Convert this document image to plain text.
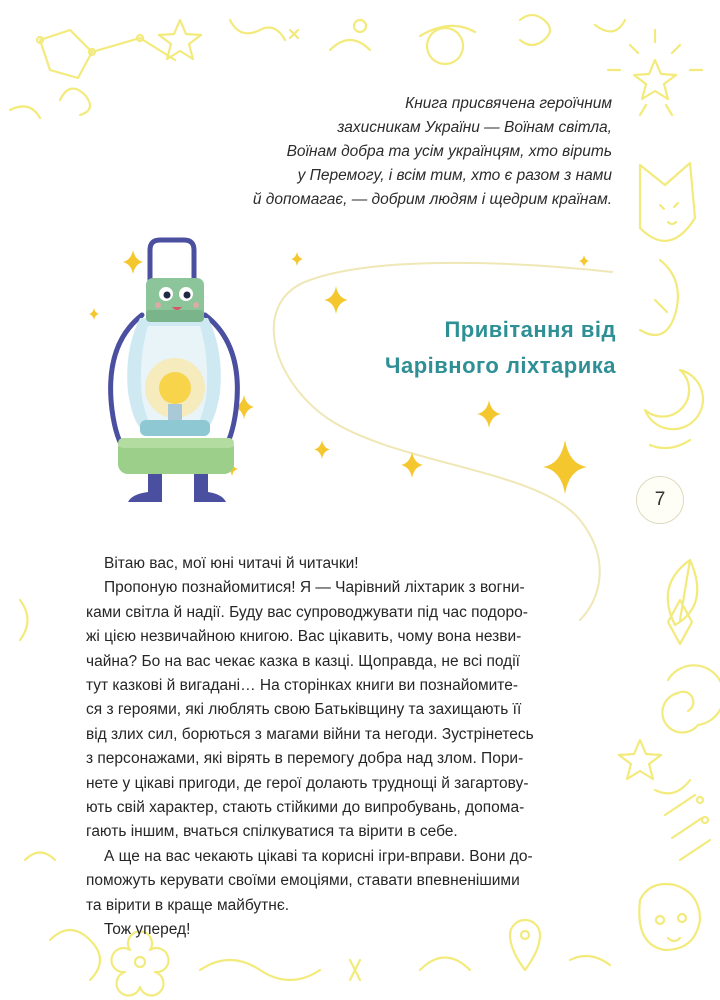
Книга присвячена героїчним
захисникам України — Воїнам світла,
Воїнам добра та усім українцям, хто вірить
у Перемогу, і всім тим, хто є разом з нами
й допомагає, — добрим людям і щедрим країнам.
Привітання від
Чарівного ліхтарика
7
Вітаю вас, мої юні читачі й читачки!
Пропоную познайомитися! Я — Чарівний ліхтарик з вогни-
ками світла й надії. Буду вас супроводжувати під час подоро-
жі цією незвичайною книгою. Вас цікавить, чому вона незви-
чайна? Бо на вас чекає казка в казці. Щоправда, не всі події
тут казкові й вигадані… На сторінках книги ви познайомите-
ся з героями, які люблять свою Батьківщину та захищають її
від злих сил, борються з магами війни та негоди. Зустрінетесь
з персонажами, які вірять в перемогу добра над злом. Пори-
нете у цікаві пригоди, де герої долають труднощі й загартову-
ють свій характер, стають стійкими до випробувань, допома-
гають іншим, вчаться спілкуватися та вірити в себе.
А ще на вас чекають цікаві та корисні ігри-вправи. Вони до-
поможуть керувати своїми емоціями, ставати впевненішими
та вірити в краще майбутнє.
Тож уперед!
